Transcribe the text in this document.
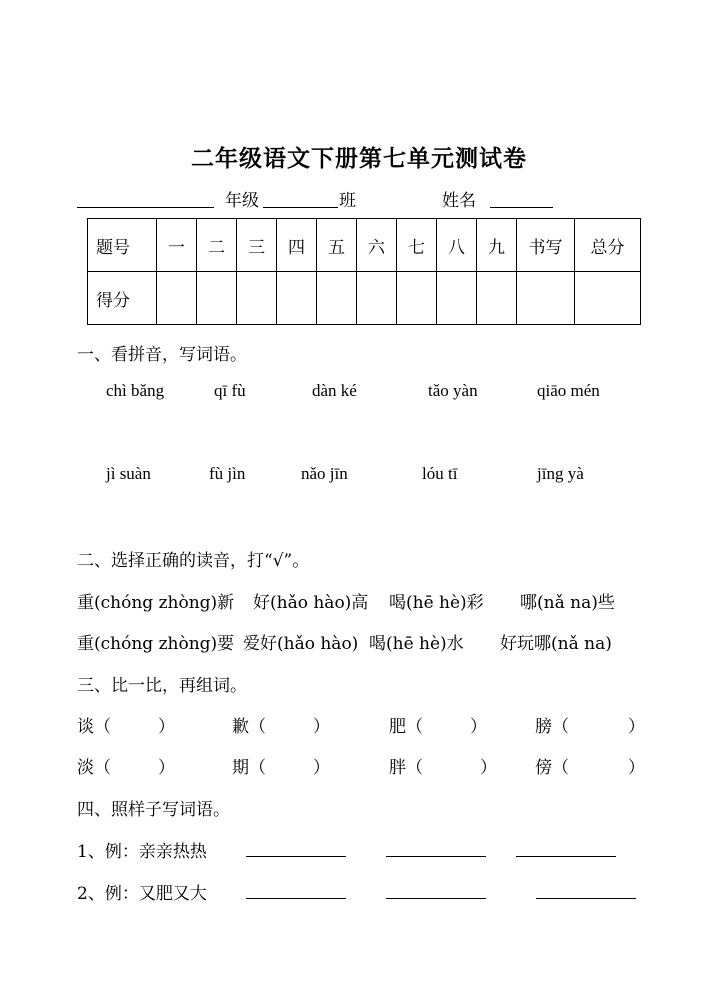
二年级语文下册第七单元测试卷
年级	班	姓名
题号	一	二	三	四	五	六	七	八	九	书写	总分
得分											
一、看拼音，写词语。
chì bǎng	qī fù	dàn ké	tǎo yàn	qiāo mén
jì suàn	fù jìn	nǎo jīn	lóu tī	jīng yà
二、选择正确的读音，打“√”。
重(chóng zhòng)新 好(hǎo hào)高 喝(hē hè)彩 哪(nǎ na)些
重(chóng zhòng)要 爱好(hǎo hào) 喝(hē hè)水 好玩哪(nǎ na)
三、比一比，再组词。
谈（	）	歉（	）	肥（	）	膀（	）
淡（	）	期（	）	胖（	） 傍（	）
四、照样子写词语。
1、例：亲亲热热
2、例：又肥又大
